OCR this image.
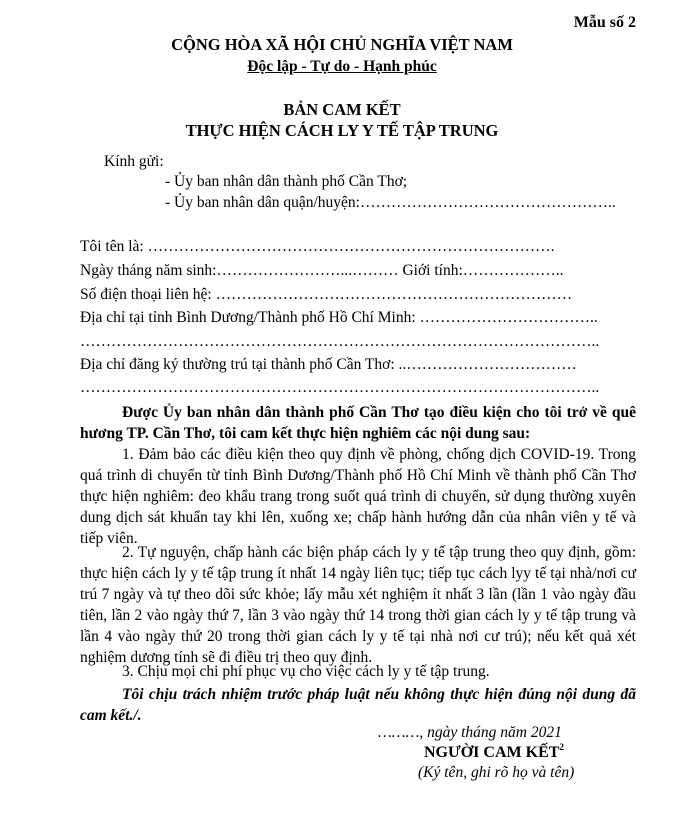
Mẫu số 2
CỘNG HÒA XÃ HỘI CHỦ NGHĨA VIỆT NAM
Độc lập - Tự do - Hạnh phúc
BẢN CAM KẾT
THỰC HIỆN CÁCH LY Y TẾ TẬP TRUNG
Kính gửi:
- Ủy ban nhân dân thành phố Cần Thơ;
- Ủy ban nhân dân quận/huyện:…………………………………………..
Tôi tên là: …………………………………………………………………….
Ngày tháng năm sinh:……………………...……… Giới tính:………………..
Số điện thoại liên hệ: ……………………………………………………………
Địa chỉ tại tỉnh Bình Dương/Thành phố Hồ Chí Minh: ……………………………..
………………………………………………………………………………………..
Địa chỉ đăng ký thường trú tại thành phố Cần Thơ: ..……………………………
………………………………………………………………………………………..
Được Ủy ban nhân dân thành phố Cần Thơ tạo điều kiện cho tôi trở về quê hương TP. Cần Thơ, tôi cam kết thực hiện nghiêm các nội dung sau:
1. Đảm bảo các điều kiện theo quy định về phòng, chống dịch COVID-19. Trong quá trình di chuyển từ tỉnh Bình Dương/Thành phố Hồ Chí Minh về thành phố Cần Thơ thực hiện nghiêm: đeo khẩu trang trong suốt quá trình di chuyển, sử dụng thường xuyên dung dịch sát khuẩn tay khi lên, xuống xe; chấp hành hướng dẫn của nhân viên y tế và tiếp viên.
2. Tự nguyện, chấp hành các biện pháp cách ly y tế tập trung theo quy định, gồm: thực hiện cách ly y tế tập trung ít nhất 14 ngày liên tục; tiếp tục cách lyy tế tại nhà/nơi cư trú 7 ngày và tự theo dõi sức khỏe; lấy mẫu xét nghiệm ít nhất 3 lần (lần 1 vào ngày đầu tiên, lần 2 vào ngày thứ 7, lần 3 vào ngày thứ 14 trong thời gian cách ly y tế tập trung và lần 4 vào ngày thứ 20 trong thời gian cách ly y tế tại nhà nơi cư trú); nếu kết quả xét nghiệm dương tính sẽ đi điều trị theo quy định.
3. Chịu mọi chi phí phục vụ cho việc cách ly y tế tập trung.
Tôi chịu trách nhiệm trước pháp luật nếu không thực hiện đúng nội dung đã cam kết./.
………, ngày tháng năm 2021
NGƯỜI CAM KẾT$^2$
(Ký tên, ghi rõ họ và tên)
